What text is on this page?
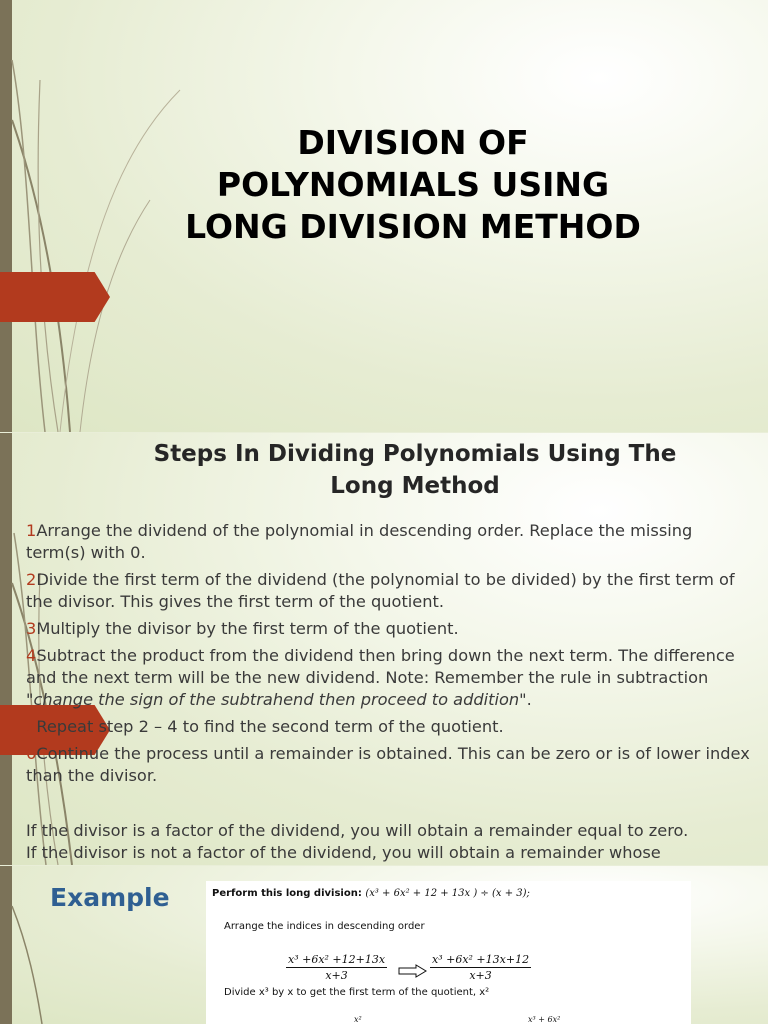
DIVISION OF POLYNOMIALS USING LONG DIVISION METHOD
Steps In Dividing Polynomials Using The Long Method

1Arrange the dividend of the polynomial in descending order. Replace the missing term(s) with 0.

2Divide the first term of the dividend (the polynomial to be divided) by the first term of the divisor. This gives the first term of the quotient.

3Multiply the divisor by the first term of the quotient.

4Subtract the product from the dividend then bring down the next term. The difference and the next term will be the new dividend. Note: Remember the rule in subtraction "change the sign of the subtrahend then proceed to addition".

5Repeat step 2 – 4 to find the second term of the quotient.

6Continue the process until a remainder is obtained. This can be zero or is of lower index than the divisor.

If the divisor is a factor of the dividend, you will obtain a remainder equal to zero.

If the divisor is not a factor of the dividend, you will obtain a remainder whose

Example	Perform this long division: (x³ + 6x² + 12 + 13x ) ÷ (x + 3);
Arrange the indices in descending order
$\frac{\text{x³ +6x² +12+13x}}{x+3}$	$\frac{\text{x³ +6x² +13x+12}}{x+3}$
Divide x³ by x to get the first term of the quotient, x²
x²	x³ + 6x²
